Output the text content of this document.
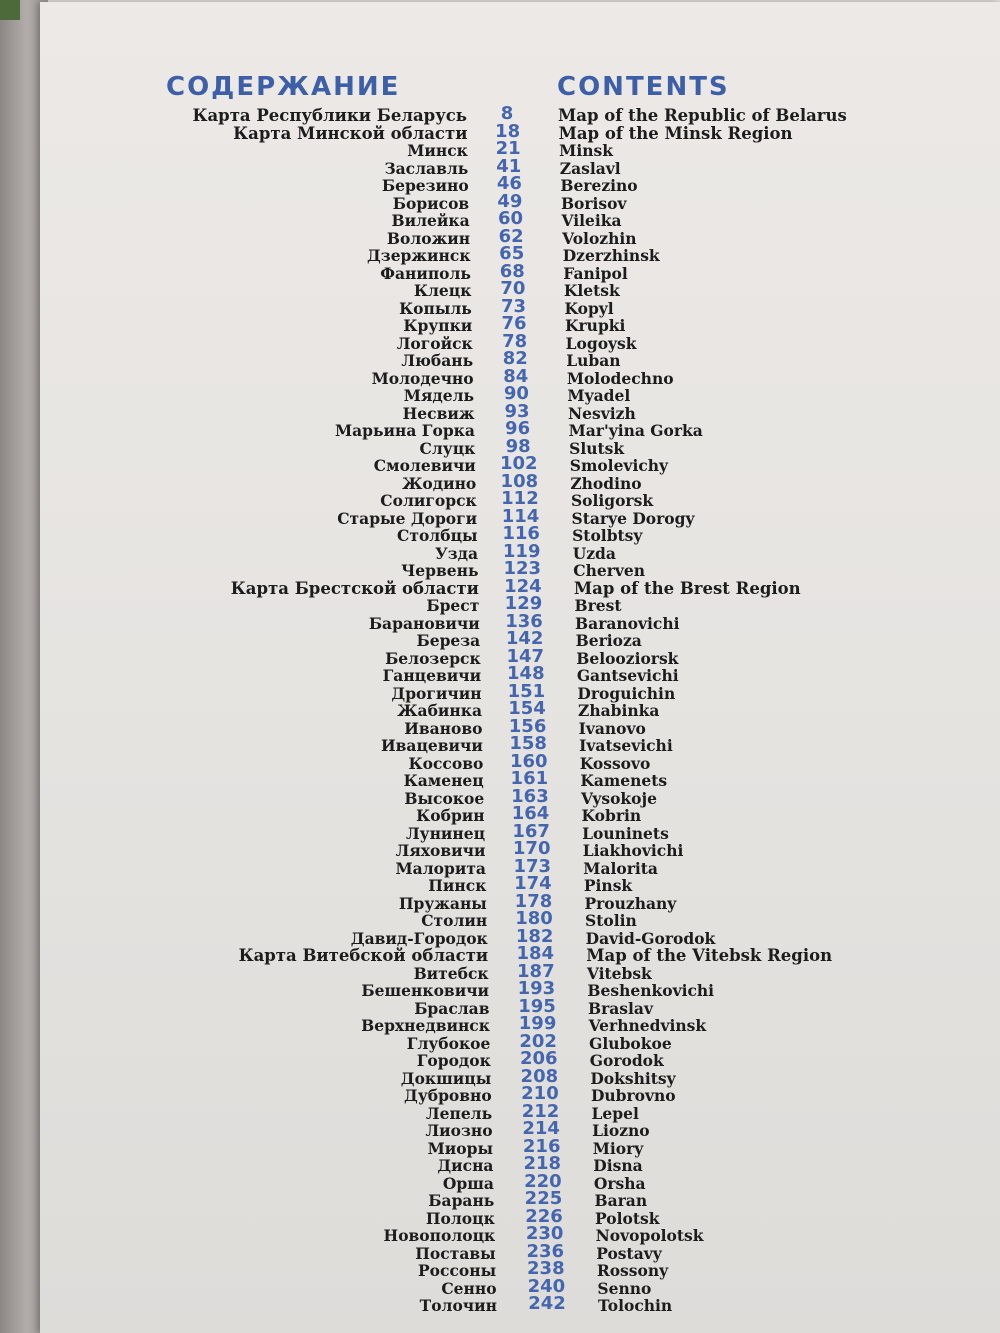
СОДЕРЖАНИЕ	CONTENTS
Карта Республики Беларусь	8	Map of the Republic of Belarus
Карта Минской области	18	Map of the Minsk Region
Минск	21	Minsk
Заславль	41	Zaslavl
Березино	46	Berezino
Борисов	49	Borisov
Вилейка	60	Vileika
Воложин	62	Volozhin
Дзержинск	65	Dzerzhinsk
Фаниполь	68	Fanipol
Клецк	70	Kletsk
Копыль	73	Kopyl
Крупки	76	Krupki
Логойск	78	Logoysk
Любань	82	Luban
Молодечно	84	Molodechno
Мядель	90	Myadel
Несвиж	93	Nesvizh
Марьина Горка	96	Mar'yina Gorka
Слуцк	98	Slutsk
Смолевичи	102	Smolevichy
Жодино	108	Zhodino
Солигорск	112	Soligorsk
Старые Дороги	114	Starye Dorogy
Столбцы	116	Stolbtsy
Узда	119	Uzda
Червень	123	Cherven
Карта Брестской области	124	Map of the Brest Region
Брест	129	Brest
Барановичи	136	Baranovichi
Береза	142	Berioza
Белозерск	147	Belooziorsk
Ганцевичи	148	Gantsevichi
Дрогичин	151	Droguichin
Жабинка	154	Zhabinka
Иваново	156	Ivanovo
Ивацевичи	158	Ivatsevichi
Коссово	160	Kossovo
Каменец	161	Kamenets
Высокое	163	Vysokoje
Кобрин	164	Kobrin
Лунинец	167	Louninets
Ляховичи	170	Liakhovichi
Малорита	173	Malorita
Пинск	174	Pinsk
Пружаны	178	Prouzhany
Столин	180	Stolin
Давид-Городок	182	David-Gorodok
Карта Витебской области	184	Map of the Vitebsk Region
Витебск	187	Vitebsk
Бешенковичи	193	Beshenkovichi
Браслав	195	Braslav
Верхнедвинск	199	Verhnedvinsk
Глубокое	202	Glubokoe
Городок	206	Gorodok
Докшицы	208	Dokshitsy
Дубровно	210	Dubrovno
Лепель	212	Lepel
Лиозно	214	Liozno
Миоры	216	Miory
Дисна	218	Disna
Орша	220	Orsha
Барань	225	Baran
Полоцк	226	Polotsk
Новополоцк	230	Novopolotsk
Поставы	236	Postavy
Россоны	238	Rossony
Сенно	240	Senno
Толочин	242	Tolochin
